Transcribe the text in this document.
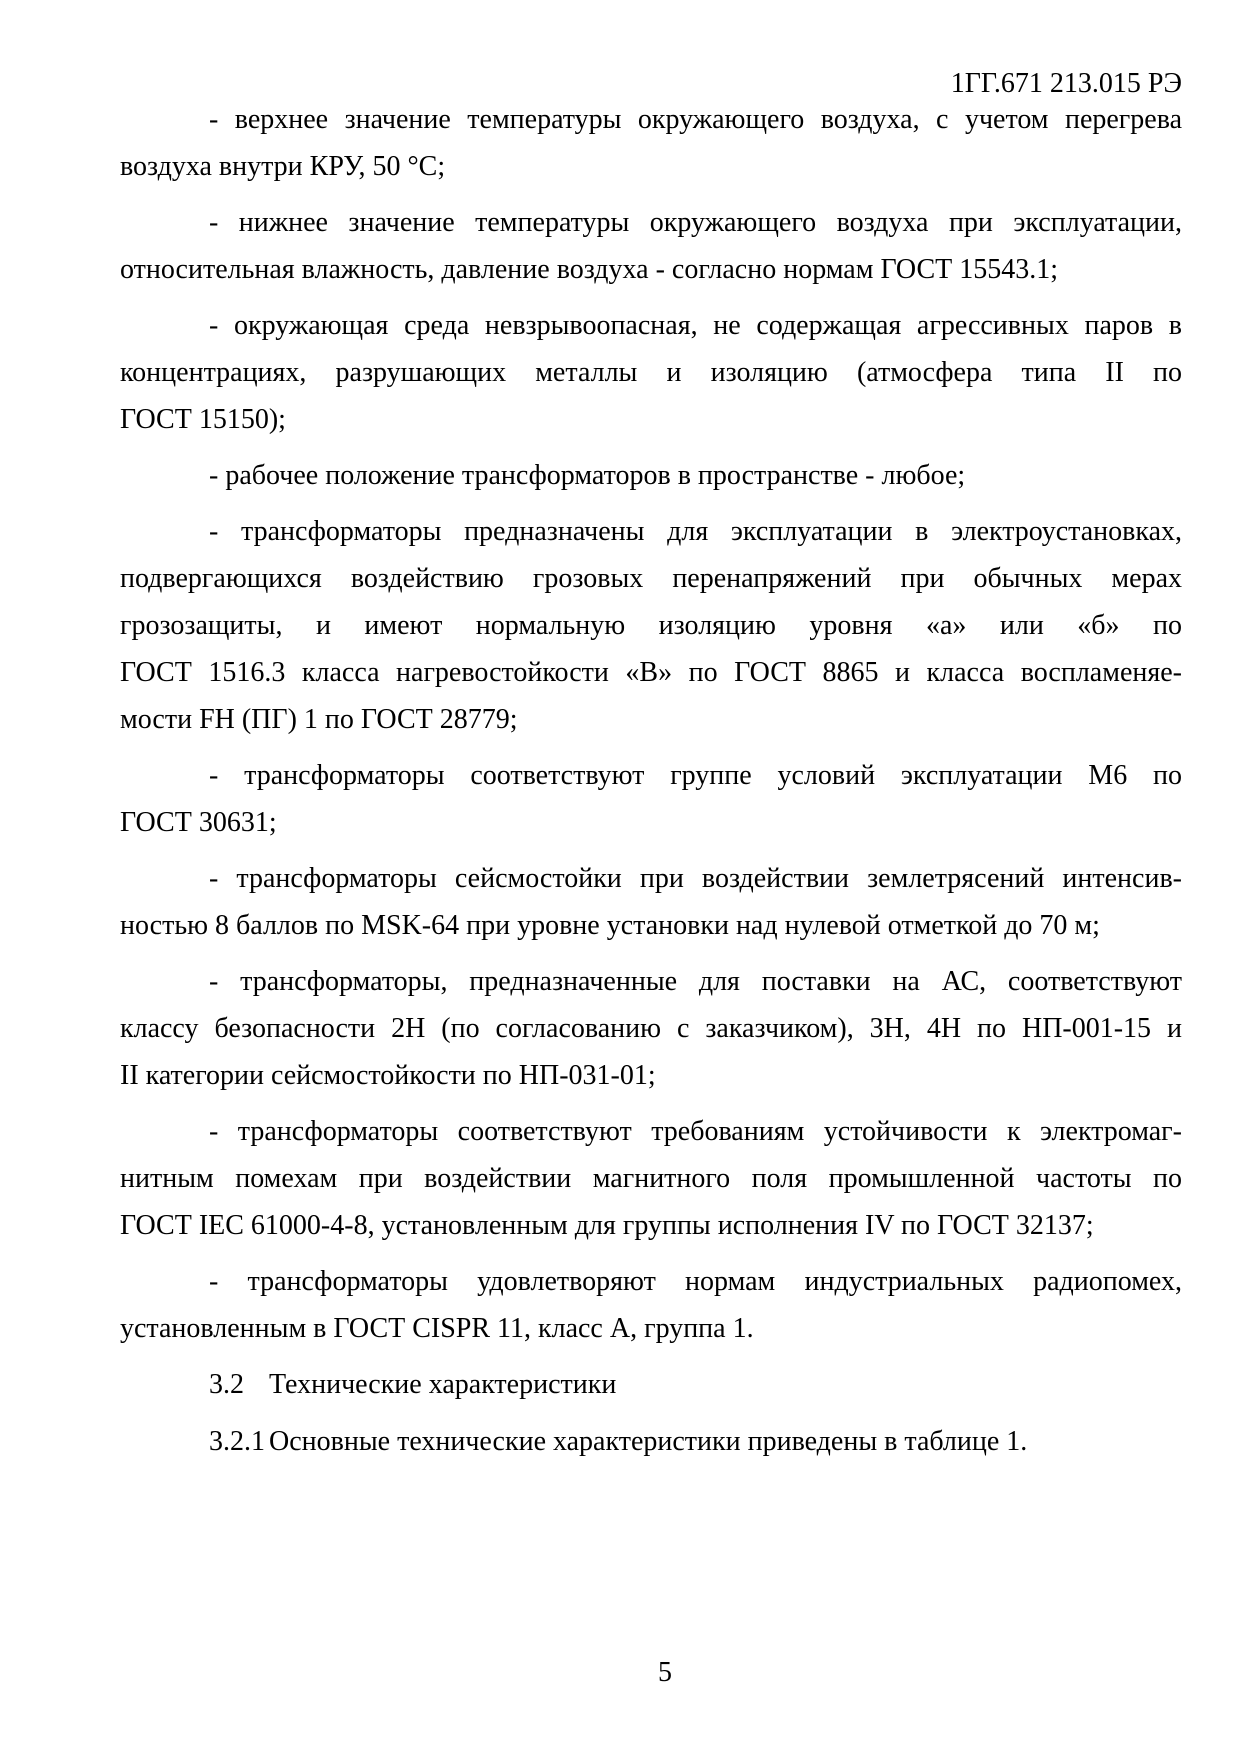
1ГГ.671 213.015 РЭ

- верхнее значение температуры окружающего воздуха, с учетом перегрева
воздуха внутри КРУ, 50 °С;

- нижнее значение температуры окружающего воздуха при эксплуатации,
относительная влажность, давление воздуха - согласно нормам ГОСТ 15543.1;

- окружающая среда невзрывоопасная, не содержащая агрессивных паров в
концентрациях, разрушающих металлы и изоляцию (атмосфера типа II по
ГОСТ 15150);

- рабочее положение трансформаторов в пространстве - любое;

- трансформаторы предназначены для эксплуатации в электроустановках,
подвергающихся воздействию грозовых перенапряжений при обычных мерах
грозозащиты, и имеют нормальную изоляцию уровня «а» или «б» по
ГОСТ 1516.3 класса нагревостойкости «В» по ГОСТ 8865 и класса воспламеняе-
мости FH (ПГ) 1 по ГОСТ 28779;

- трансформаторы соответствуют группе условий эксплуатации М6 по
ГОСТ 30631;

- трансформаторы сейсмостойки при воздействии землетрясений интенсив-
ностью 8 баллов по MSK-64 при уровне установки над нулевой отметкой до 70 м;

- трансформаторы, предназначенные для поставки на АС, соответствуют
классу безопасности 2Н (по согласованию с заказчиком), 3Н, 4Н по НП-001-15 и
II категории сейсмостойкости по НП-031-01;

- трансформаторы соответствуют требованиям устойчивости к электромаг-
нитным помехам при воздействии магнитного поля промышленной частоты по
ГОСТ IEC 61000-4-8, установленным для группы исполнения IV по ГОСТ 32137;

- трансформаторы удовлетворяют нормам индустриальных радиопомех,
установленным в ГОСТ CISPR 11, класс А, группа 1.

3.2 Технические характеристики

3.2.1 Основные технические характеристики приведены в таблице 1.

5
